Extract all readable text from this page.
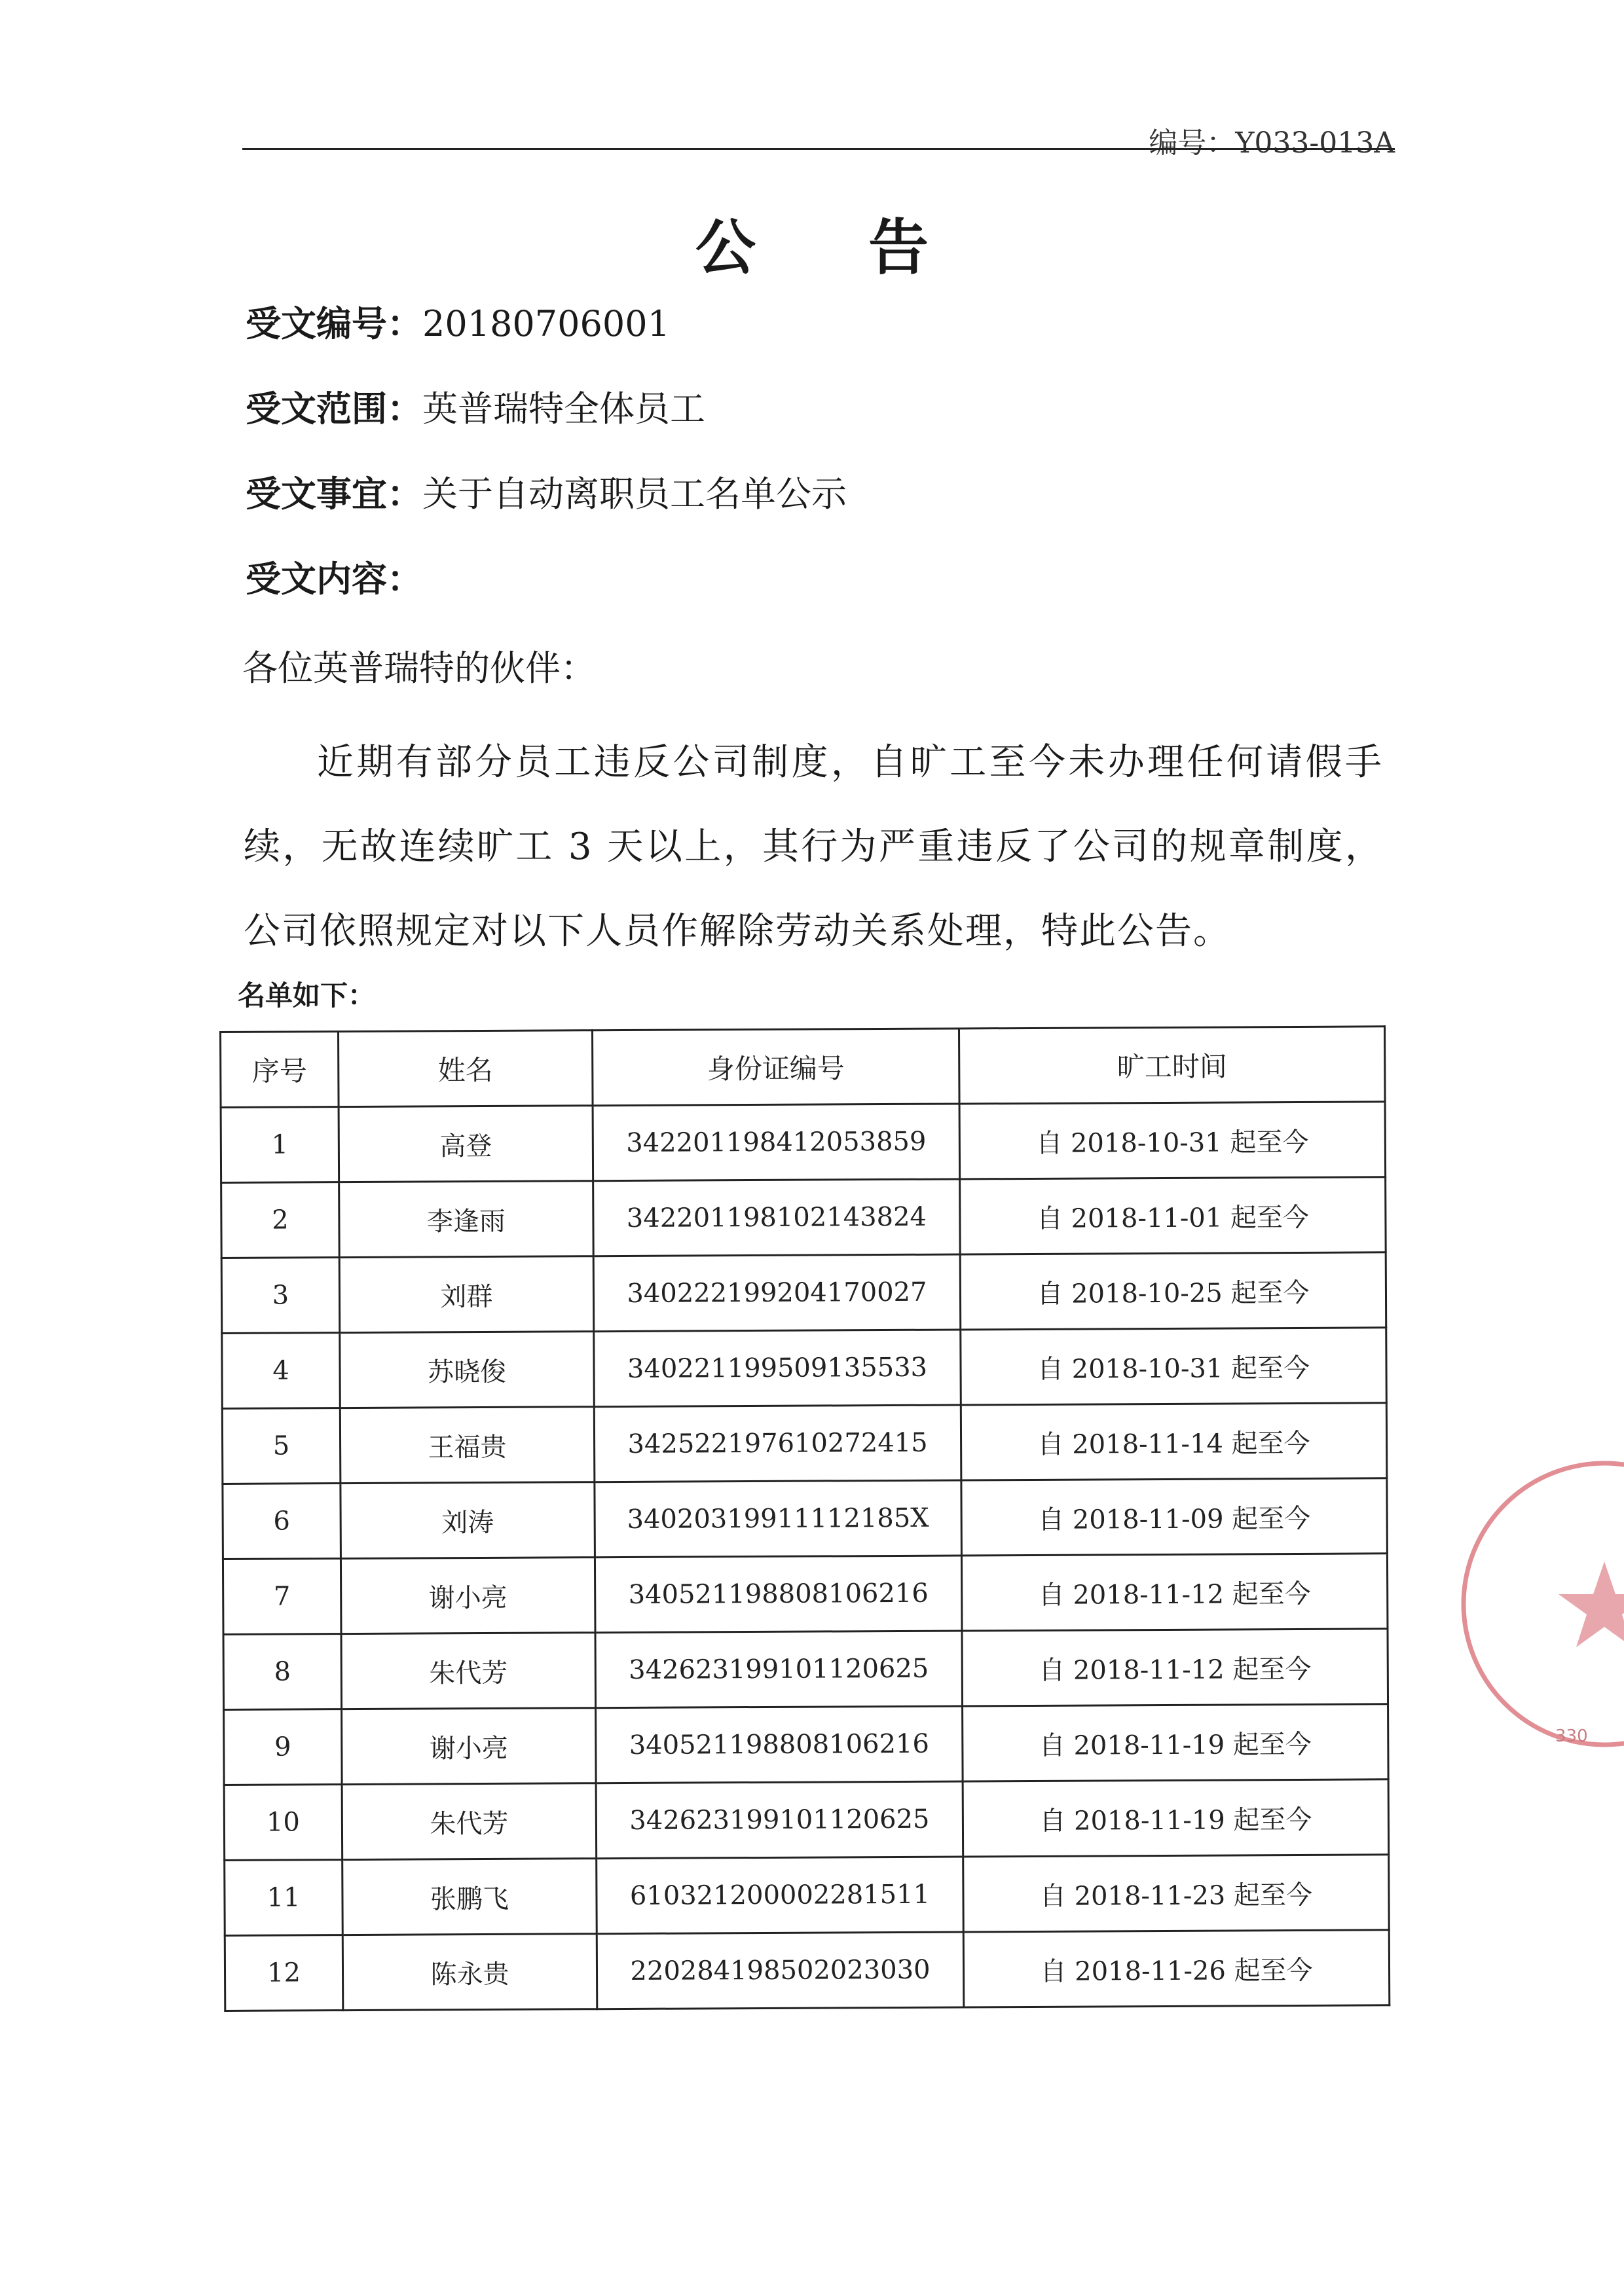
编号：Y033-013A
公 告
受文编号：20180706001
受文范围：英普瑞特全体员工
受文事宜：关于自动离职员工名单公示
受文内容：
各位英普瑞特的伙伴：
近期有部分员工违反公司制度，自旷工至今未办理任何请假手续，无故连续旷工 3 天以上，其行为严重违反了公司的规章制度，公司依照规定对以下人员作解除劳动关系处理，特此公告。
名单如下：
序号	姓名	身份证编号	旷工时间
1	高登	342201198412053859	自 2018-10-31 起至今
2	李逢雨	342201198102143824	自 2018-11-01 起至今
3	刘群	340222199204170027	自 2018-10-25 起至今
4	苏晓俊	340221199509135533	自 2018-10-31 起至今
5	王福贵	342522197610272415	自 2018-11-14 起至今
6	刘涛	34020319911112185X	自 2018-11-09 起至今
7	谢小亮	340521198808106216	自 2018-11-12 起至今
8	朱代芳	342623199101120625	自 2018-11-12 起至今
9	谢小亮	340521198808106216	自 2018-11-19 起至今
10	朱代芳	342623199101120625	自 2018-11-19 起至今
11	张鹏飞	610321200002281511	自 2018-11-23 起至今
12	陈永贵	220284198502023030	自 2018-11-26 起至今
330
